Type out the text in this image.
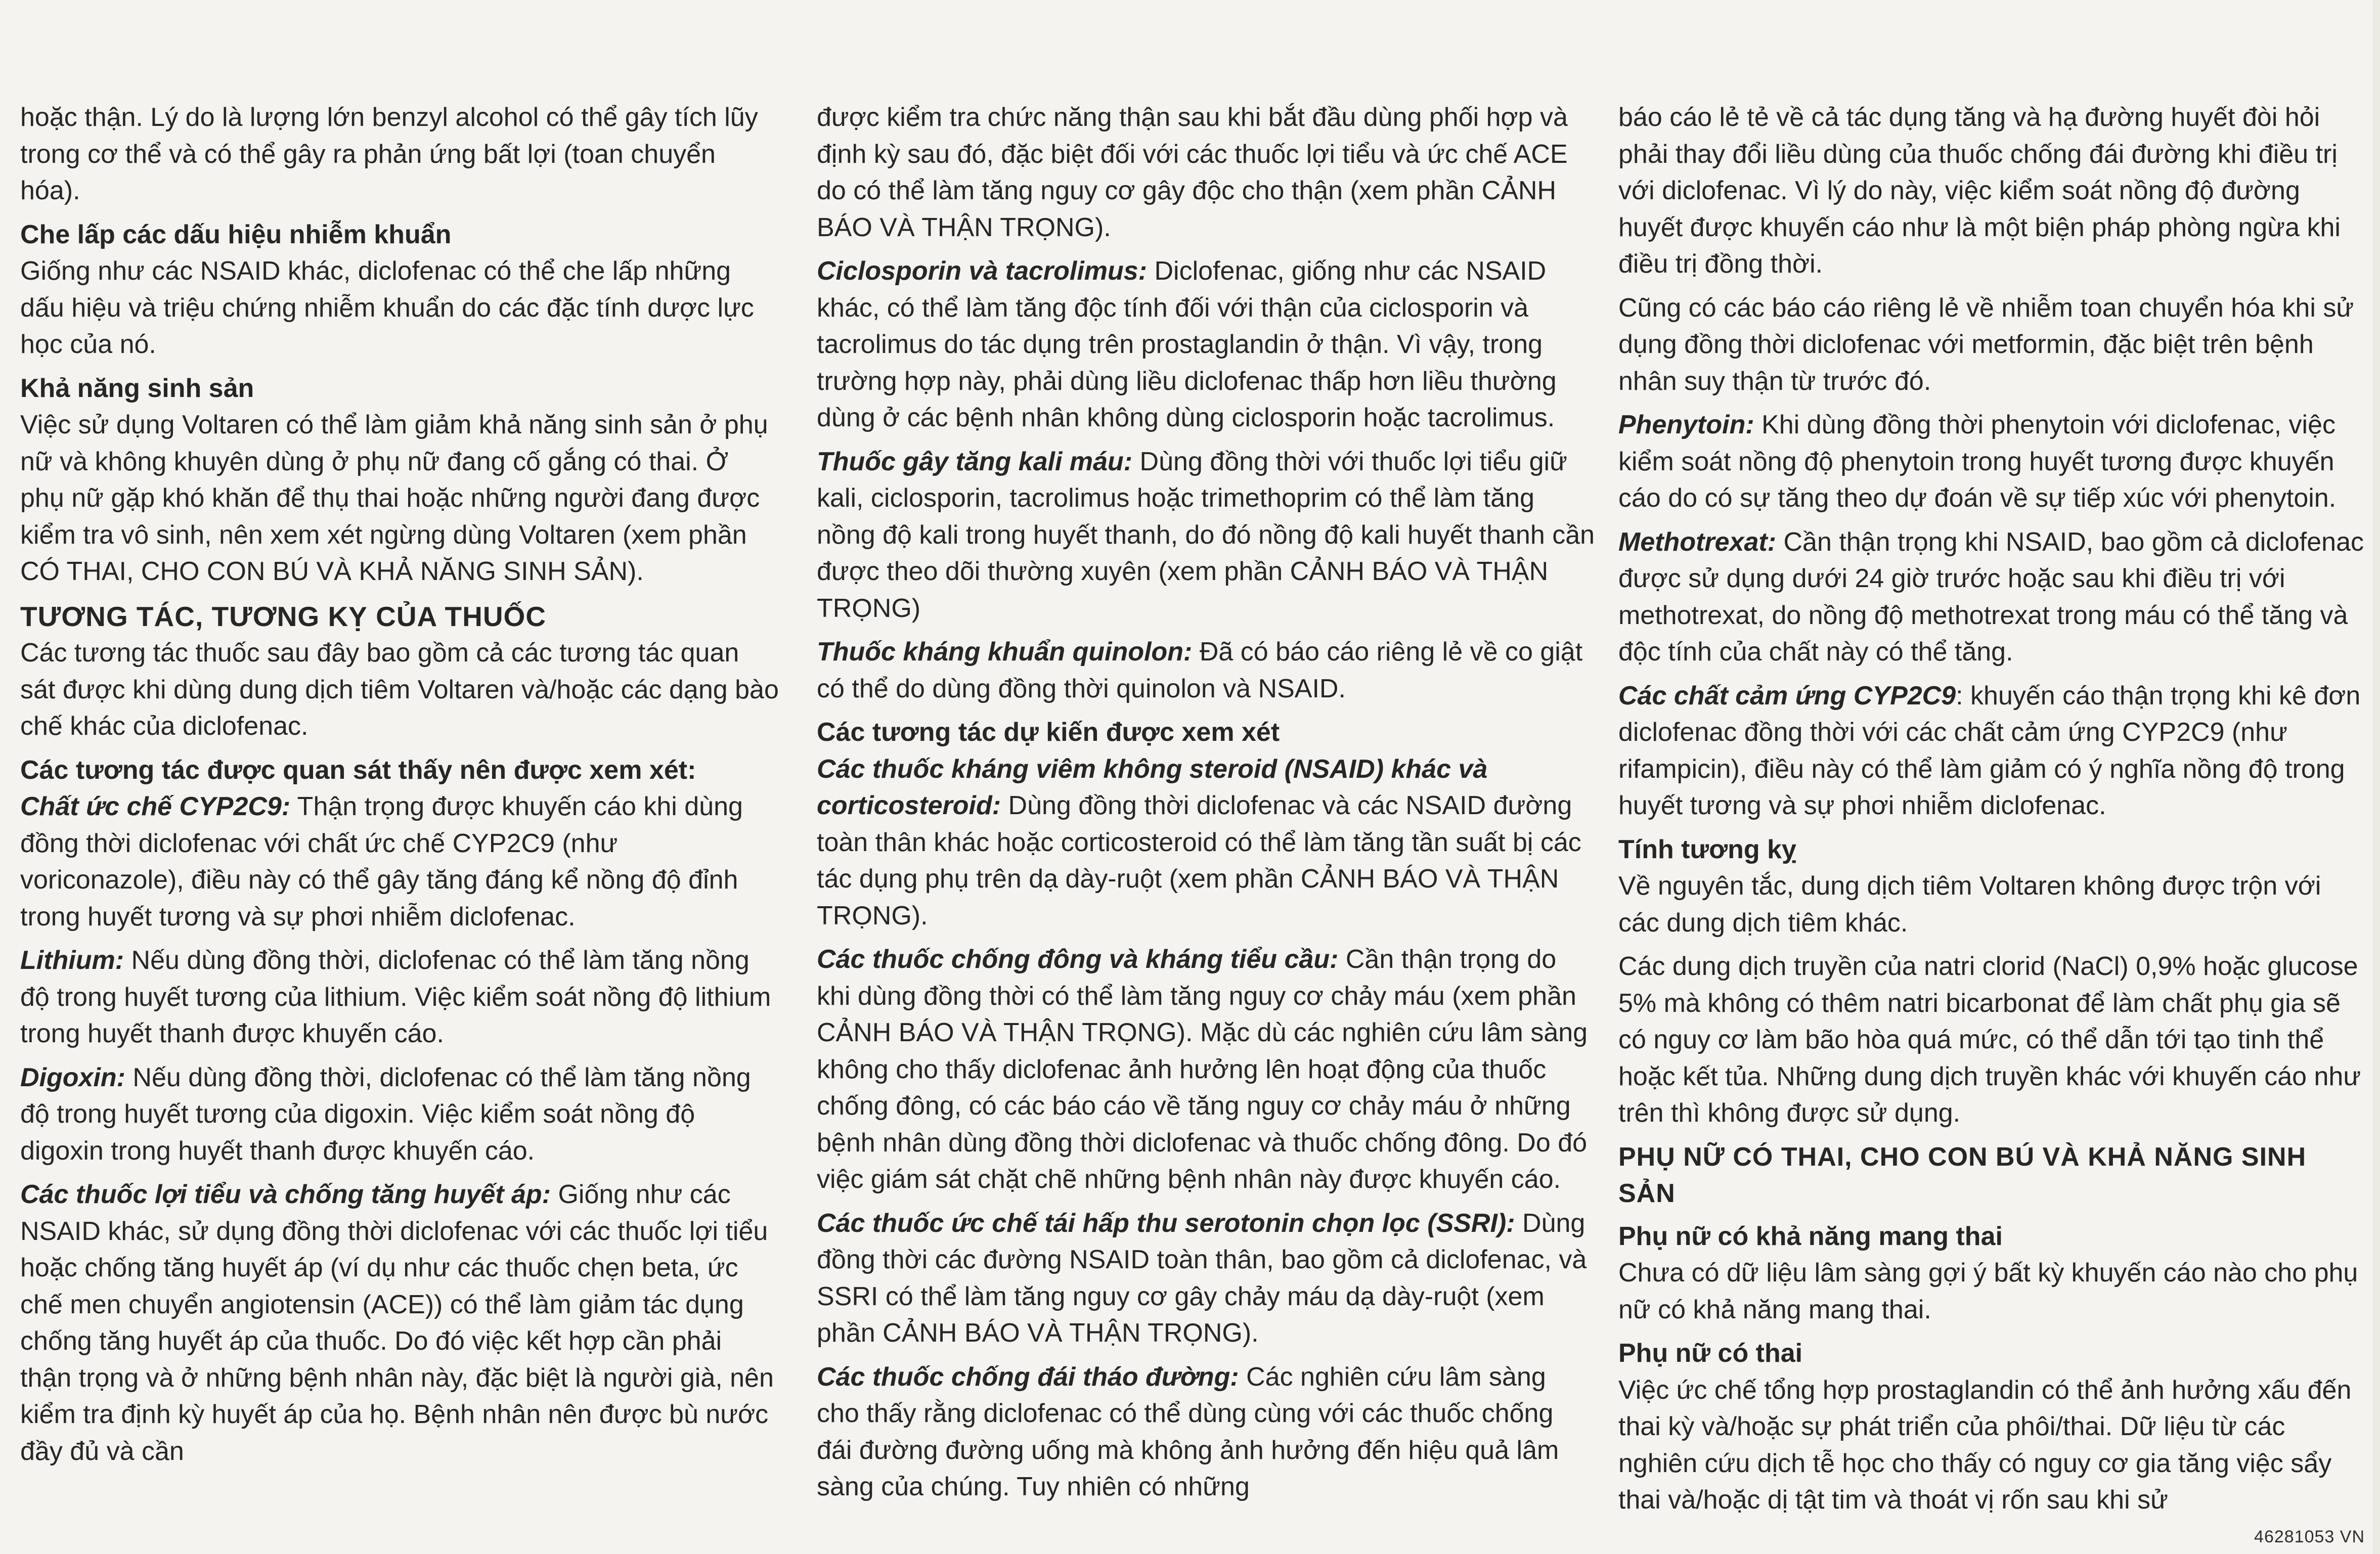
hoặc thận. Lý do là lượng lớn benzyl alcohol có thể gây tích lũy trong cơ thể và có thể gây ra phản ứng bất lợi (toan chuyển hóa).

Che lấp các dấu hiệu nhiễm khuẩn

Giống như các NSAID khác, diclofenac có thể che lấp những dấu hiệu và triệu chứng nhiễm khuẩn do các đặc tính dược lực học của nó.

Khả năng sinh sản

Việc sử dụng Voltaren có thể làm giảm khả năng sinh sản ở phụ nữ và không khuyên dùng ở phụ nữ đang cố gắng có thai. Ở phụ nữ gặp khó khăn để thụ thai hoặc những người đang được kiểm tra vô sinh, nên xem xét ngừng dùng Voltaren (xem phần CÓ THAI, CHO CON BÚ VÀ KHẢ NĂNG SINH SẢN).

TƯƠNG TÁC, TƯƠNG KỴ CỦA THUỐC

Các tương tác thuốc sau đây bao gồm cả các tương tác quan sát được khi dùng dung dịch tiêm Voltaren và/hoặc các dạng bào chế khác của diclofenac.

Các tương tác được quan sát thấy nên được xem xét:

Chất ức chế CYP2C9: Thận trọng được khuyến cáo khi dùng đồng thời diclofenac với chất ức chế CYP2C9 (như voriconazole), điều này có thể gây tăng đáng kể nồng độ đỉnh trong huyết tương và sự phơi nhiễm diclofenac.

Lithium: Nếu dùng đồng thời, diclofenac có thể làm tăng nồng độ trong huyết tương của lithium. Việc kiểm soát nồng độ lithium trong huyết thanh được khuyến cáo.

Digoxin: Nếu dùng đồng thời, diclofenac có thể làm tăng nồng độ trong huyết tương của digoxin. Việc kiểm soát nồng độ digoxin trong huyết thanh được khuyến cáo.

Các thuốc lợi tiểu và chống tăng huyết áp: Giống như các NSAID khác, sử dụng đồng thời diclofenac với các thuốc lợi tiểu hoặc chống tăng huyết áp (ví dụ như các thuốc chẹn beta, ức chế men chuyển angiotensin (ACE)) có thể làm giảm tác dụng chống tăng huyết áp của thuốc. Do đó việc kết hợp cần phải thận trọng và ở những bệnh nhân này, đặc biệt là người già, nên kiểm tra định kỳ huyết áp của họ. Bệnh nhân nên được bù nước đầy đủ và cần

được kiểm tra chức năng thận sau khi bắt đầu dùng phối hợp và định kỳ sau đó, đặc biệt đối với các thuốc lợi tiểu và ức chế ACE do có thể làm tăng nguy cơ gây độc cho thận (xem phần CẢNH BÁO VÀ THẬN TRỌNG).

Ciclosporin và tacrolimus: Diclofenac, giống như các NSAID khác, có thể làm tăng độc tính đối với thận của ciclosporin và tacrolimus do tác dụng trên prostaglandin ở thận. Vì vậy, trong trường hợp này, phải dùng liều diclofenac thấp hơn liều thường dùng ở các bệnh nhân không dùng ciclosporin hoặc tacrolimus.

Thuốc gây tăng kali máu: Dùng đồng thời với thuốc lợi tiểu giữ kali, ciclosporin, tacrolimus hoặc trimethoprim có thể làm tăng nồng độ kali trong huyết thanh, do đó nồng độ kali huyết thanh cần được theo dõi thường xuyên (xem phần CẢNH BÁO VÀ THẬN TRỌNG)

Thuốc kháng khuẩn quinolon: Đã có báo cáo riêng lẻ về co giật có thể do dùng đồng thời quinolon và NSAID.

Các tương tác dự kiến được xem xét

Các thuốc kháng viêm không steroid (NSAID) khác và corticosteroid: Dùng đồng thời diclofenac và các NSAID đường toàn thân khác hoặc corticosteroid có thể làm tăng tần suất bị các tác dụng phụ trên dạ dày-ruột (xem phần CẢNH BÁO VÀ THẬN TRỌNG).

Các thuốc chống đông và kháng tiểu cầu: Cần thận trọng do khi dùng đồng thời có thể làm tăng nguy cơ chảy máu (xem phần CẢNH BÁO VÀ THẬN TRỌNG). Mặc dù các nghiên cứu lâm sàng không cho thấy diclofenac ảnh hưởng lên hoạt động của thuốc chống đông, có các báo cáo về tăng nguy cơ chảy máu ở những bệnh nhân dùng đồng thời diclofenac và thuốc chống đông. Do đó việc giám sát chặt chẽ những bệnh nhân này được khuyến cáo.

Các thuốc ức chế tái hấp thu serotonin chọn lọc (SSRI): Dùng đồng thời các đường NSAID toàn thân, bao gồm cả diclofenac, và SSRI có thể làm tăng nguy cơ gây chảy máu dạ dày-ruột (xem phần CẢNH BÁO VÀ THẬN TRỌNG).

Các thuốc chống đái tháo đường: Các nghiên cứu lâm sàng cho thấy rằng diclofenac có thể dùng cùng với các thuốc chống đái đường đường uống mà không ảnh hưởng đến hiệu quả lâm sàng của chúng. Tuy nhiên có những

báo cáo lẻ tẻ về cả tác dụng tăng và hạ đường huyết đòi hỏi phải thay đổi liều dùng của thuốc chống đái đường khi điều trị với diclofenac. Vì lý do này, việc kiểm soát nồng độ đường huyết được khuyến cáo như là một biện pháp phòng ngừa khi điều trị đồng thời.

Cũng có các báo cáo riêng lẻ về nhiễm toan chuyển hóa khi sử dụng đồng thời diclofenac với metformin, đặc biệt trên bệnh nhân suy thận từ trước đó.

Phenytoin: Khi dùng đồng thời phenytoin với diclofenac, việc kiểm soát nồng độ phenytoin trong huyết tương được khuyến cáo do có sự tăng theo dự đoán về sự tiếp xúc với phenytoin.

Methotrexat: Cần thận trọng khi NSAID, bao gồm cả diclofenac được sử dụng dưới 24 giờ trước hoặc sau khi điều trị với methotrexat, do nồng độ methotrexat trong máu có thể tăng và độc tính của chất này có thể tăng.

Các chất cảm ứng CYP2C9: khuyến cáo thận trọng khi kê đơn diclofenac đồng thời với các chất cảm ứng CYP2C9 (như rifampicin), điều này có thể làm giảm có ý nghĩa nồng độ trong huyết tương và sự phơi nhiễm diclofenac.

Tính tương kỵ

Về nguyên tắc, dung dịch tiêm Voltaren không được trộn với các dung dịch tiêm khác.

Các dung dịch truyền của natri clorid (NaCl) 0,9% hoặc glucose 5% mà không có thêm natri bicarbonat để làm chất phụ gia sẽ có nguy cơ làm bão hòa quá mức, có thể dẫn tới tạo tinh thể hoặc kết tủa. Những dung dịch truyền khác với khuyến cáo như trên thì không được sử dụng.

PHỤ NỮ CÓ THAI, CHO CON BÚ VÀ KHẢ NĂNG SINH SẢN
Phụ nữ có khả năng mang thai

Chưa có dữ liệu lâm sàng gợi ý bất kỳ khuyến cáo nào cho phụ nữ có khả năng mang thai.

Phụ nữ có thai

Việc ức chế tổng hợp prostaglandin có thể ảnh hưởng xấu đến thai kỳ và/hoặc sự phát triển của phôi/thai. Dữ liệu từ các nghiên cứu dịch tễ học cho thấy có nguy cơ gia tăng việc sẩy thai và/hoặc dị tật tim và thoát vị rốn sau khi sử

46281053 VN
